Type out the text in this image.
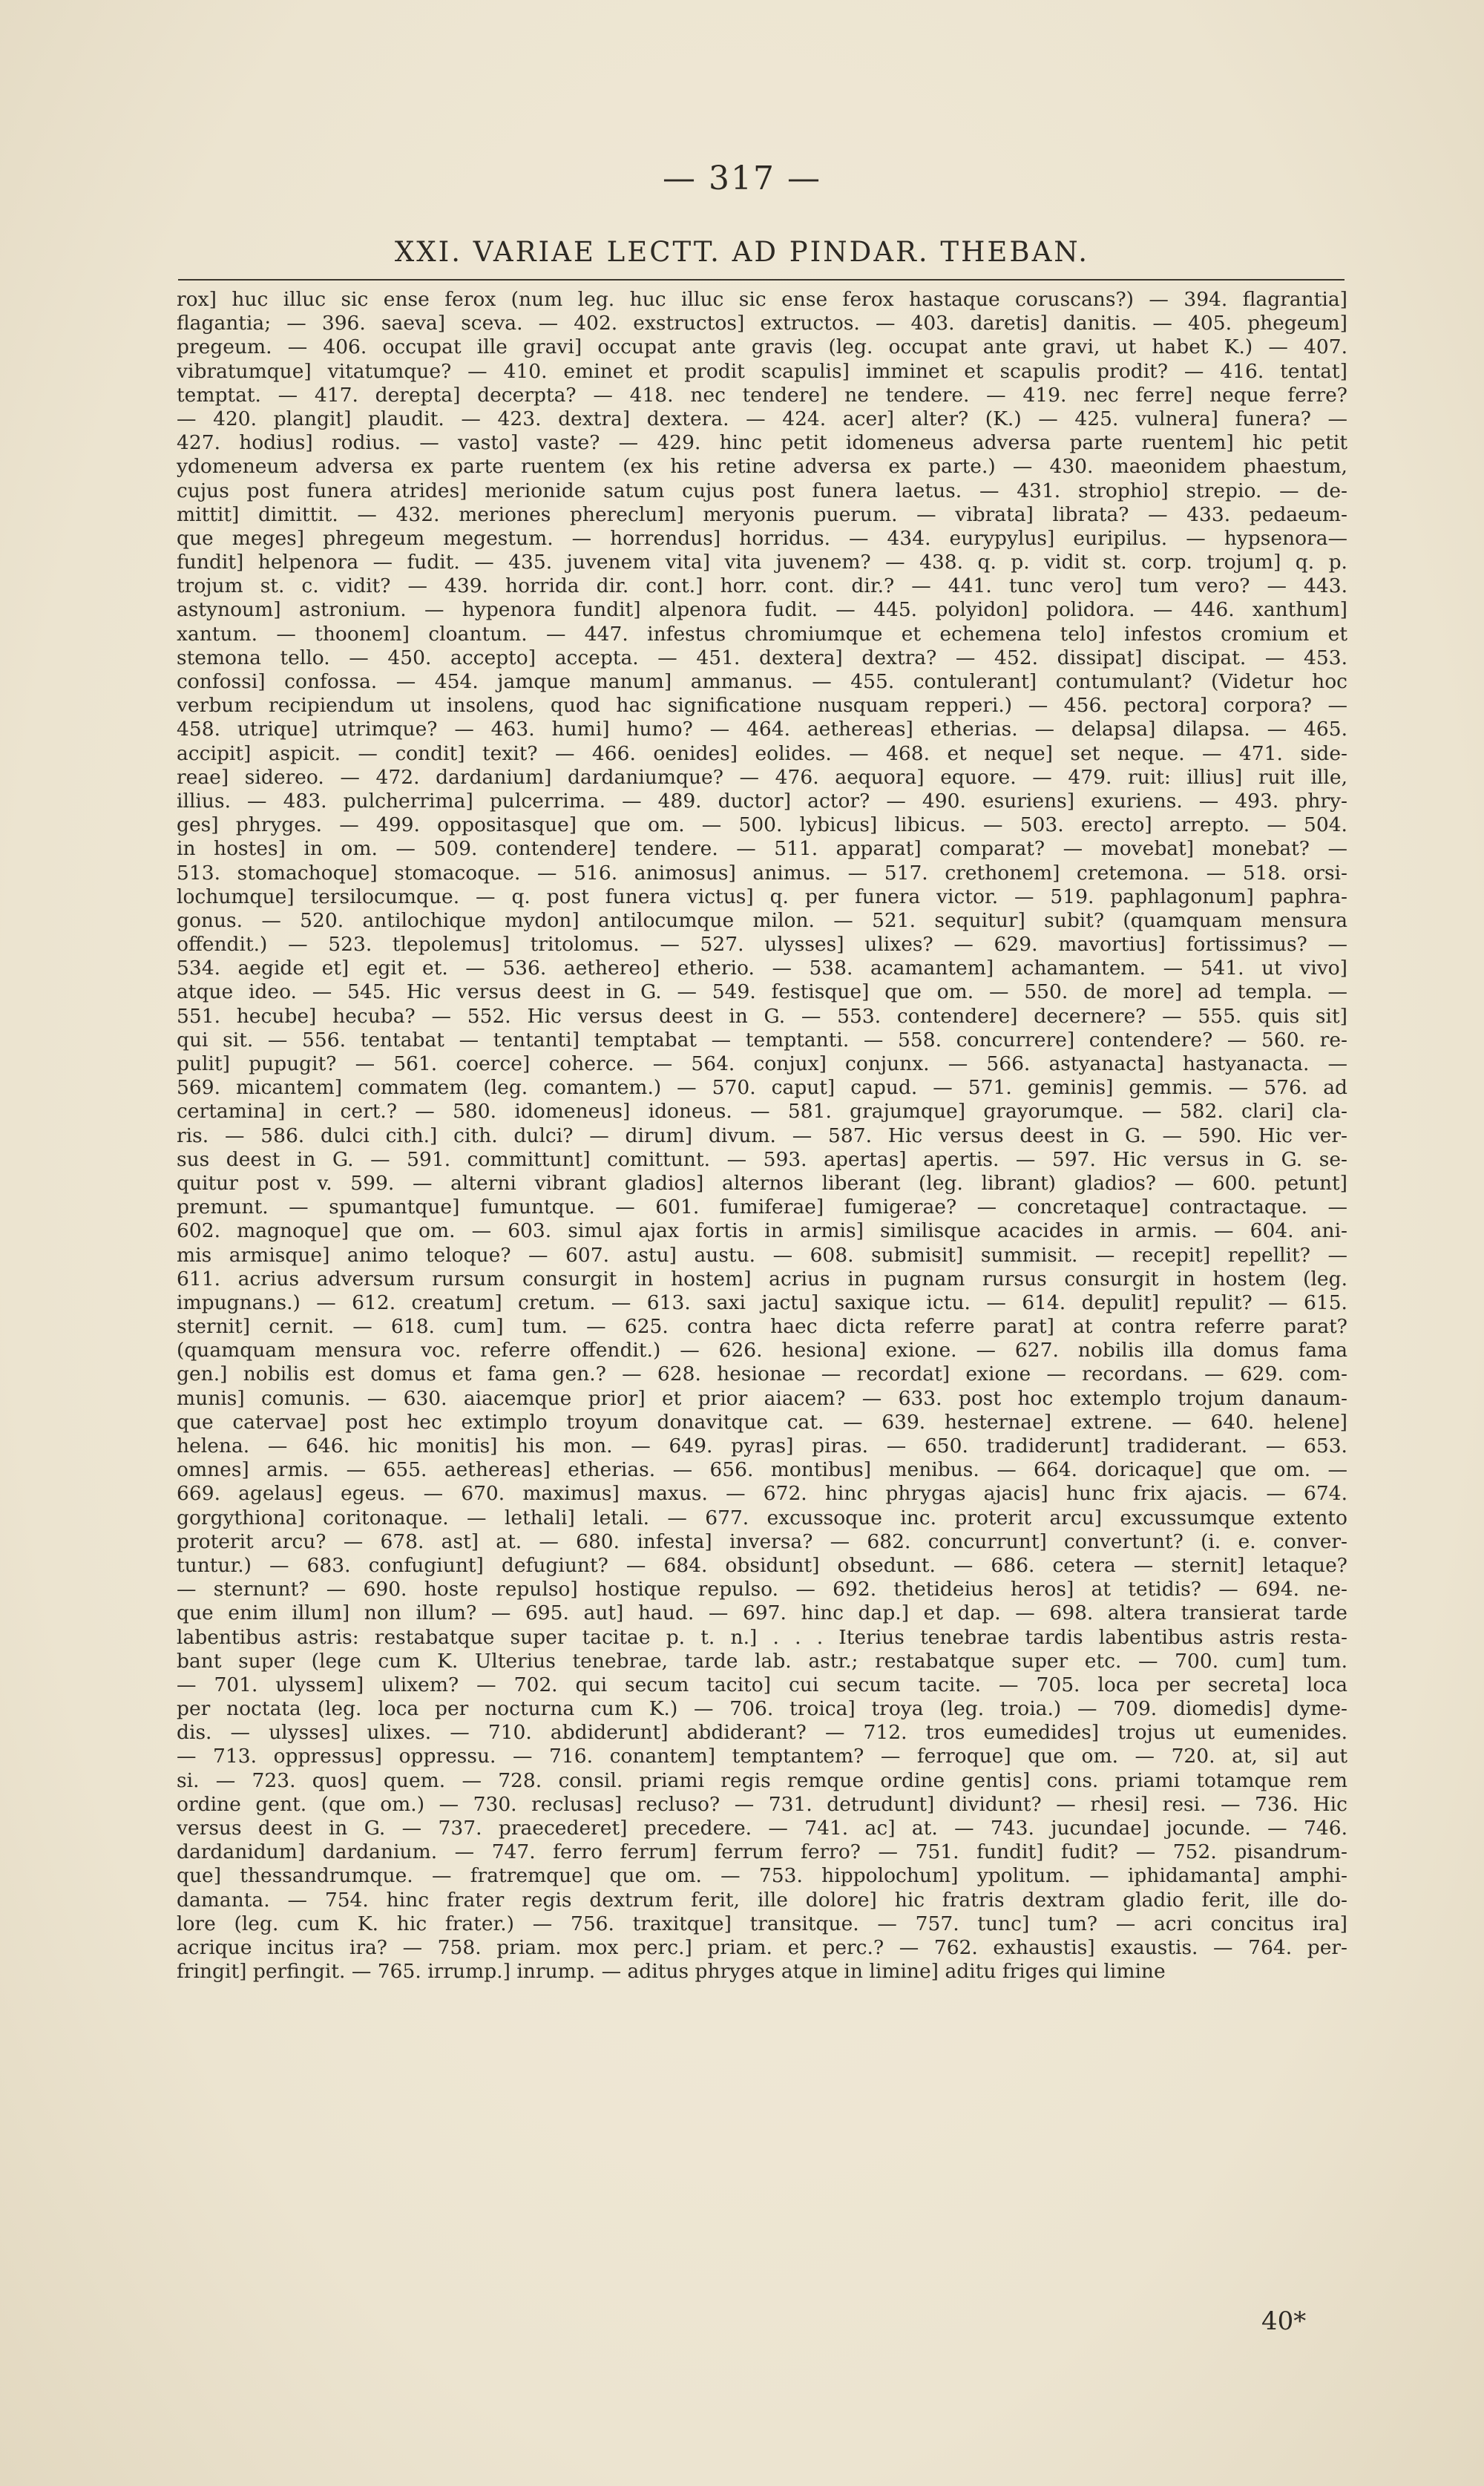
— 317 —
XXI. VARIAE LECTT. AD PINDAR. THEBAN.
rox] huc illuc sic ense ferox (num leg. huc illuc sic ense ferox hastaque coruscans?) — 394. flagrantia]
flagantia; — 396. saeva] sceva. — 402. exstructos] extructos. — 403. daretis] danitis. — 405. phegeum]
pregeum. — 406. occupat ille gravi] occupat ante gravis (leg. occupat ante gravi, ut habet K.) — 407.
vibratumque] vitatumque? — 410. eminet et prodit scapulis] imminet et scapulis prodit? — 416. tentat]
temptat. — 417. derepta] decerpta? — 418. nec tendere] ne tendere. — 419. nec ferre] neque ferre?
— 420. plangit] plaudit. — 423. dextra] dextera. — 424. acer] alter? (K.) — 425. vulnera] funera? —
427. hodius] rodius. — vasto] vaste? — 429. hinc petit idomeneus adversa parte ruentem] hic petit
ydomeneum adversa ex parte ruentem (ex his retine adversa ex parte.) — 430. maeonidem phaestum,
cujus post funera atrides] merionide satum cujus post funera laetus. — 431. strophio] strepio. — de-
mittit] dimittit. — 432. meriones phereclum] meryonis puerum. — vibrata] librata? — 433. pedaeum-
que meges] phregeum megestum. — horrendus] horridus. — 434. eurypylus] euripilus. — hypsenora—
fundit] helpenora — fudit. — 435. juvenem vita] vita juvenem? — 438. q. p. vidit st. corp. trojum] q. p.
trojum st. c. vidit? — 439. horrida dir. cont.] horr. cont. dir.? — 441. tunc vero] tum vero? — 443.
astynoum] astronium. — hypenora fundit] alpenora fudit. — 445. polyidon] polidora. — 446. xanthum]
xantum. — thoonem] cloantum. — 447. infestus chromiumque et echemena telo] infestos cromium et
stemona tello. — 450. accepto] accepta. — 451. dextera] dextra? — 452. dissipat] discipat. — 453.
confossi] confossa. — 454. jamque manum] ammanus. — 455. contulerant] contumulant? (Videtur hoc
verbum recipiendum ut insolens, quod hac significatione nusquam repperi.) — 456. pectora] corpora? —
458. utrique] utrimque? — 463. humi] humo? — 464. aethereas] etherias. — delapsa] dilapsa. — 465.
accipit] aspicit. — condit] texit? — 466. oenides] eolides. — 468. et neque] set neque. — 471. side-
reae] sidereo. — 472. dardanium] dardaniumque? — 476. aequora] equore. — 479. ruit: illius] ruit ille,
illius. — 483. pulcherrima] pulcerrima. — 489. ductor] actor? — 490. esuriens] exuriens. — 493. phry-
ges] phryges. — 499. oppositasque] que om. — 500. lybicus] libicus. — 503. erecto] arrepto. — 504.
in hostes] in om. — 509. contendere] tendere. — 511. apparat] comparat? — movebat] monebat? —
513. stomachoque] stomacoque. — 516. animosus] animus. — 517. crethonem] cretemona. — 518. orsi-
lochumque] tersilocumque. — q. post funera victus] q. per funera victor. — 519. paphlagonum] paphra-
gonus. — 520. antilochique mydon] antilocumque milon. — 521. sequitur] subit? (quamquam mensura
offendit.) — 523. tlepolemus] tritolomus. — 527. ulysses] ulixes? — 629. mavortius] fortissimus? —
534. aegide et] egit et. — 536. aethereo] etherio. — 538. acamantem] achamantem. — 541. ut vivo]
atque ideo. — 545. Hic versus deest in G. — 549. festisque] que om. — 550. de more] ad templa. —
551. hecube] hecuba? — 552. Hic versus deest in G. — 553. contendere] decernere? — 555. quis sit]
qui sit. — 556. tentabat — tentanti] temptabat — temptanti. — 558. concurrere] contendere? — 560. re-
pulit] pupugit? — 561. coerce] coherce. — 564. conjux] conjunx. — 566. astyanacta] hastyanacta. —
569. micantem] commatem (leg. comantem.) — 570. caput] capud. — 571. geminis] gemmis. — 576. ad
certamina] in cert.? — 580. idomeneus] idoneus. — 581. grajumque] grayorumque. — 582. clari] cla-
ris. — 586. dulci cith.] cith. dulci? — dirum] divum. — 587. Hic versus deest in G. — 590. Hic ver-
sus deest in G. — 591. committunt] comittunt. — 593. apertas] apertis. — 597. Hic versus in G. se-
quitur post v. 599. — alterni vibrant gladios] alternos liberant (leg. librant) gladios? — 600. petunt]
premunt. — spumantque] fumuntque. — 601. fumiferae] fumigerae? — concretaque] contractaque. —
602. magnoque] que om. — 603. simul ajax fortis in armis] similisque acacides in armis. — 604. ani-
mis armisque] animo teloque? — 607. astu] austu. — 608. submisit] summisit. — recepit] repellit? —
611. acrius adversum rursum consurgit in hostem] acrius in pugnam rursus consurgit in hostem (leg.
impugnans.) — 612. creatum] cretum. — 613. saxi jactu] saxique ictu. — 614. depulit] repulit? — 615.
sternit] cernit. — 618. cum] tum. — 625. contra haec dicta referre parat] at contra referre parat?
(quamquam mensura voc. referre offendit.) — 626. hesiona] exione. — 627. nobilis illa domus fama
gen.] nobilis est domus et fama gen.? — 628. hesionae — recordat] exione — recordans. — 629. com-
munis] comunis. — 630. aiacemque prior] et prior aiacem? — 633. post hoc extemplo trojum danaum-
que catervae] post hec extimplo troyum donavitque cat. — 639. hesternae] extrene. — 640. helene]
helena. — 646. hic monitis] his mon. — 649. pyras] piras. — 650. tradiderunt] tradiderant. — 653.
omnes] armis. — 655. aethereas] etherias. — 656. montibus] menibus. — 664. doricaque] que om. —
669. agelaus] egeus. — 670. maximus] maxus. — 672. hinc phrygas ajacis] hunc frix ajacis. — 674.
gorgythiona] coritonaque. — lethali] letali. — 677. excussoque inc. proterit arcu] excussumque extento
proterit arcu? — 678. ast] at. — 680. infesta] inversa? — 682. concurrunt] convertunt? (i. e. conver-
tuntur.) — 683. confugiunt] defugiunt? — 684. obsidunt] obsedunt. — 686. cetera — sternit] letaque?
— sternunt? — 690. hoste repulso] hostique repulso. — 692. thetideius heros] at tetidis? — 694. ne-
que enim illum] non illum? — 695. aut] haud. — 697. hinc dap.] et dap. — 698. altera transierat tarde
labentibus astris: restabatque super tacitae p. t. n.] . . . Iterius tenebrae tardis labentibus astris resta-
bant super (lege cum K. Ulterius tenebrae, tarde lab. astr.; restabatque super etc. — 700. cum] tum.
— 701. ulyssem] ulixem? — 702. qui secum tacito] cui secum tacite. — 705. loca per secreta] loca
per noctata (leg. loca per nocturna cum K.) — 706. troica] troya (leg. troia.) — 709. diomedis] dyme-
dis. — ulysses] ulixes. — 710. abdiderunt] abdiderant? — 712. tros eumedides] trojus ut eumenides.
— 713. oppressus] oppressu. — 716. conantem] temptantem? — ferroque] que om. — 720. at, si] aut
si. — 723. quos] quem. — 728. consil. priami regis remque ordine gentis] cons. priami totamque rem
ordine gent. (que om.) — 730. reclusas] recluso? — 731. detrudunt] dividunt? — rhesi] resi. — 736. Hic
versus deest in G. — 737. praecederet] precedere. — 741. ac] at. — 743. jucundae] jocunde. — 746.
dardanidum] dardanium. — 747. ferro ferrum] ferrum ferro? — 751. fundit] fudit? — 752. pisandrum-
que] thessandrumque. — fratremque] que om. — 753. hippolochum] ypolitum. — iphidamanta] amphi-
damanta. — 754. hinc frater regis dextrum ferit, ille dolore] hic fratris dextram gladio ferit, ille do-
lore (leg. cum K. hic frater.) — 756. traxitque] transitque. — 757. tunc] tum? — acri concitus ira]
acrique incitus ira? — 758. priam. mox perc.] priam. et perc.? — 762. exhaustis] exaustis. — 764. per-
fringit] perfingit. — 765. irrump.] inrump. — aditus phryges atque in limine] aditu friges qui limine
40*
